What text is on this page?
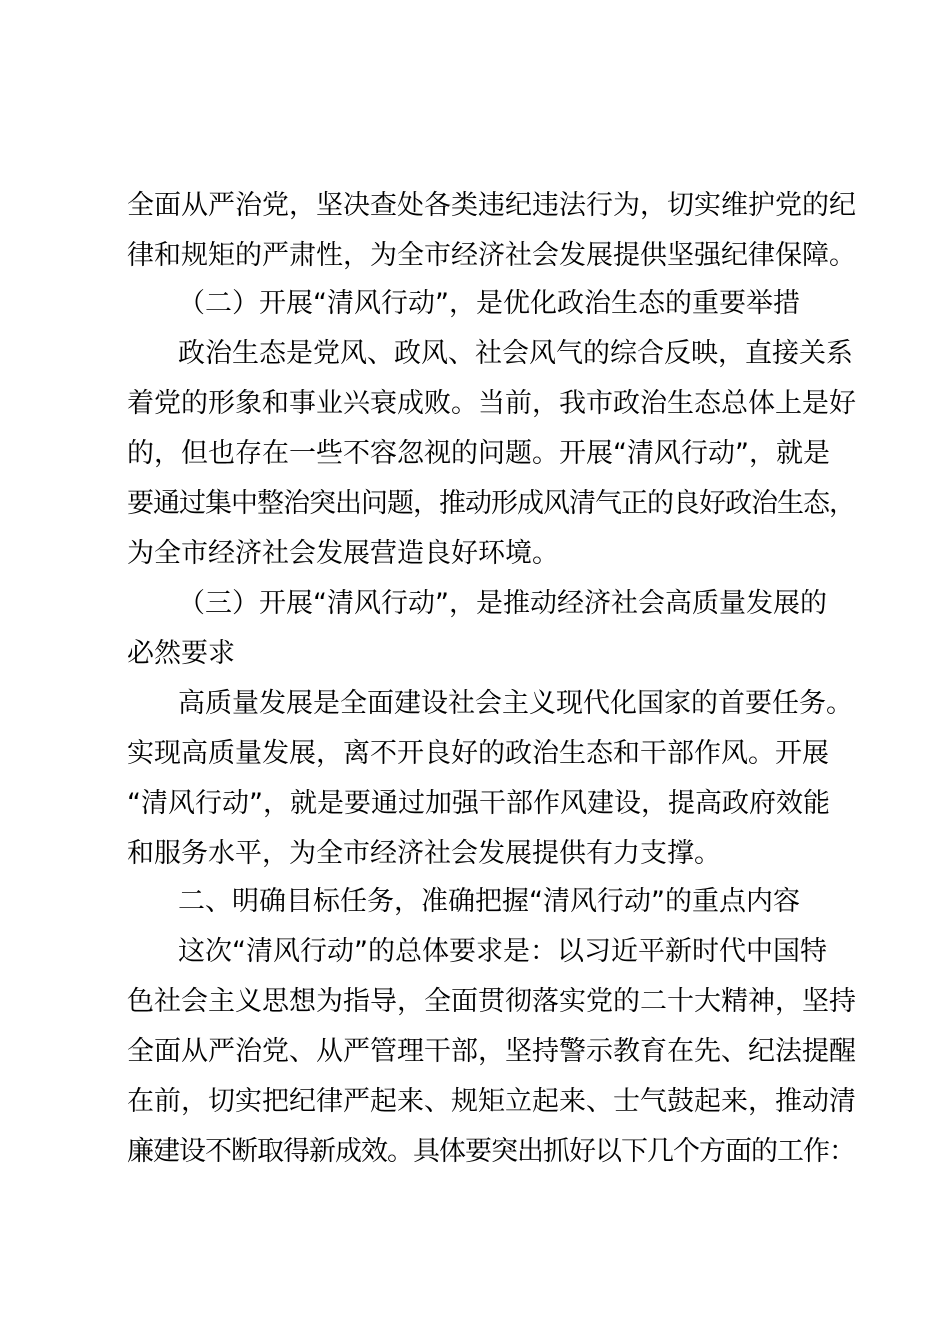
全面从严治党，坚决查处各类违纪违法行为，切实维护党的纪
律和规矩的严肃性，为全市经济社会发展提供坚强纪律保障。
（二）开展“清风行动”，是优化政治生态的重要举措
政治生态是党风、政风、社会风气的综合反映，直接关系
着党的形象和事业兴衰成败。当前，我市政治生态总体上是好
的，但也存在一些不容忽视的问题。开展“清风行动”，就是
要通过集中整治突出问题，推动形成风清气正的良好政治生态，
为全市经济社会发展营造良好环境。
（三）开展“清风行动”，是推动经济社会高质量发展的
必然要求
高质量发展是全面建设社会主义现代化国家的首要任务。
实现高质量发展，离不开良好的政治生态和干部作风。开展
“清风行动”，就是要通过加强干部作风建设，提高政府效能
和服务水平，为全市经济社会发展提供有力支撑。
二、明确目标任务，准确把握“清风行动”的重点内容
这次“清风行动”的总体要求是：以习近平新时代中国特
色社会主义思想为指导，全面贯彻落实党的二十大精神，坚持
全面从严治党、从严管理干部，坚持警示教育在先、纪法提醒
在前，切实把纪律严起来、规矩立起来、士气鼓起来，推动清
廉建设不断取得新成效。具体要突出抓好以下几个方面的工作：
